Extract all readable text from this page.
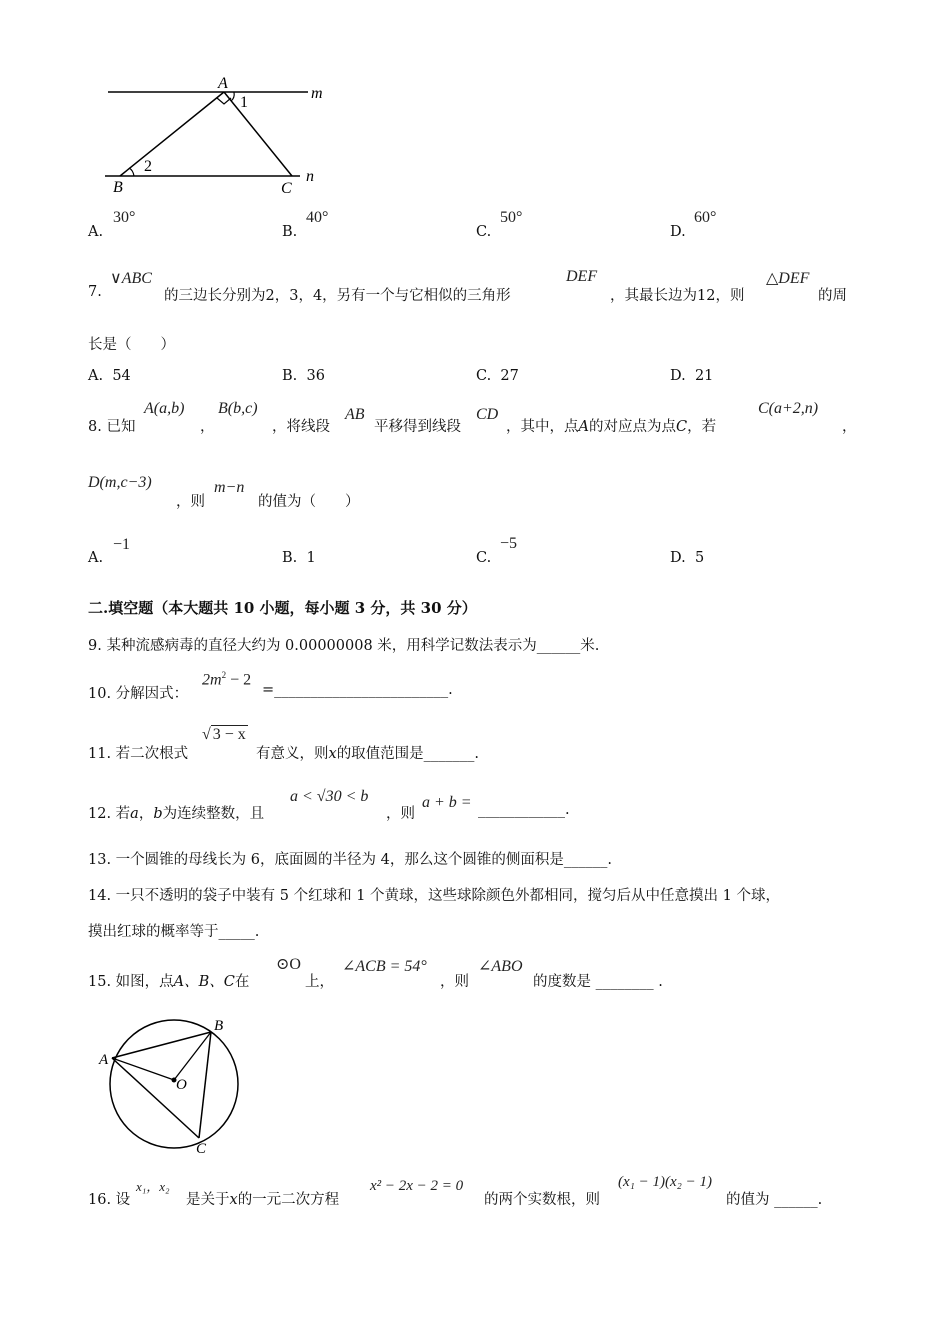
A
1
2
B	C
m
n
A.
30°
B.
40°
C.
50°
D.
60°
7.
∨ABC
的三边长分别为2，3，4，另有一个与它相似的三角形
DEF
，其最长边为12，则
△DEF
的周
长是（　　）
A. 54	B. 36	C. 27	D. 21
8. 已知
A(a,b)
，
B(b,c)
，将线段
AB
平移得到线段
CD
，其中，点A的对应点为点C，若
C(a+2,n)
，
D(m,c−3)
，则
m−n
的值为（　　）
A.
−1
B. 1	C.
−5
D. 5
二.填空题（本大题共 10 小题，每小题 3 分，共 30 分）
9. 某种流感病毒的直径大约为 0.00000008 米，用科学记数法表示为______米.
10. 分解因式：
$2m^2 - 2$
=________________________.
11. 若二次根式
√ 3 − x
有意义，则x的取值范围是_______.
12. 若a，b为连续整数，且
a < √30 < b
，则
a + b = ____________.
13. 一个圆锥的母线长为 6，底面圆的半径为 4，那么这个圆锥的侧面积是______.
14. 一只不透明的袋子中装有 5 个红球和 1 个黄球，这些球除颜色外都相同，搅匀后从中任意摸出 1 个球，
摸出红球的概率等于_____.
15. 如图，点A、B、C在
⊙O
上，
∠ACB = 54°
，则
∠ABO
的度数是 ________ .
A
B
C
O
16. 设
x₁，x₂
是关于x的一元二次方程
x² − 2x − 2 = 0
的两个实数根，则
(x₁ − 1)(x₂ − 1)
的值为 ______.
